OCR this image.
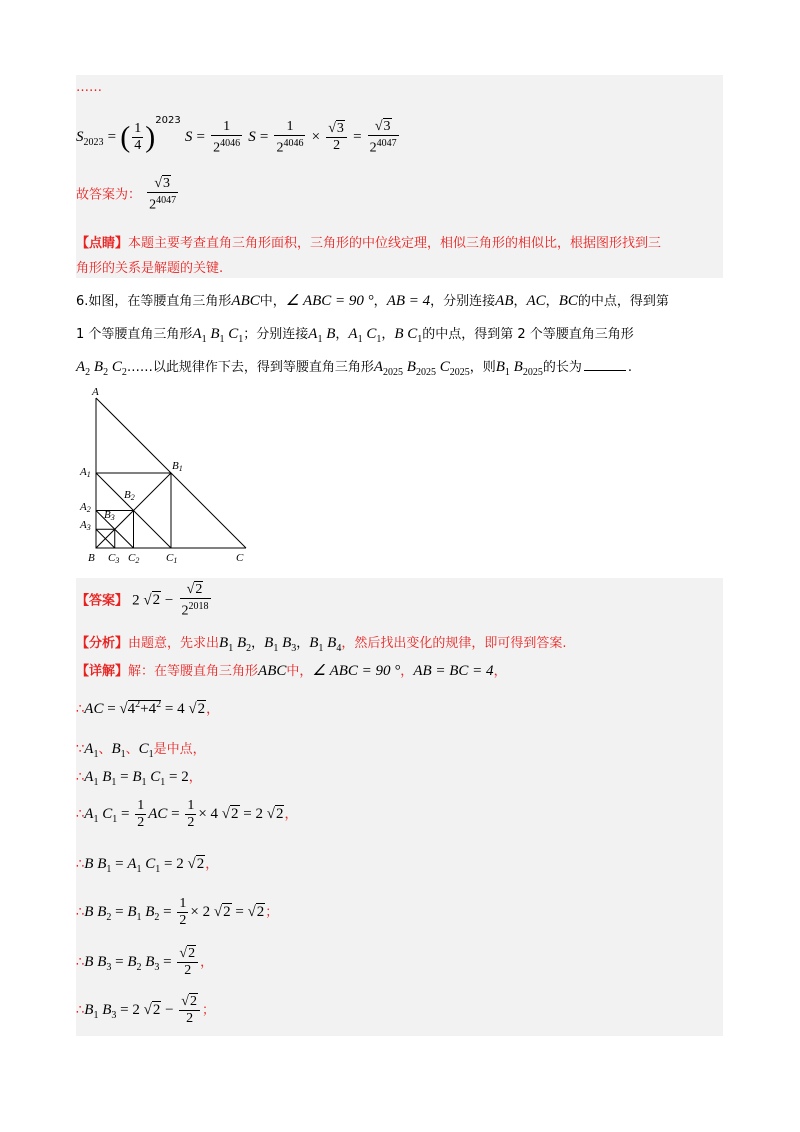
……
$S_{2023}$ = ( $\frac{1}{4} )^{2023}$ $S = \frac{1}{2^{4046}}$ $S = \frac{1}{2^{4046}} \times \frac{√3}{2} = \frac{√3}{2^{4047}}$
故答案为： $\frac{√3}{2^{4047}}$
【点睛】本题主要考查直角三角形面积，三角形的中位线定理，相似三角形的相似比，根据图形找到三
角形的关系是解题的关键.
6.如图，在等腰直角三角形ABC中，∠ ABC = 90 °，AB = 4，分别连接AB，AC，BC的中点，得到第
1 个等腰直角三角形$A_1$ $B_1$ $C_1$；分别连接$A_1$ B，$A_1$ $C_1$，B $C_1$的中点，得到第 2 个等腰直角三角形
$A_2$ $B_2$ $C_2\dots\dots$以此规律作下去，得到等腰直角三角形$A_{2025}$ $B_{2025}$ $C_{2025}$，则$B_1$ $B_{2025}$的长为	.
A
B1
A1
B2
A2 B3
A3
B C3 C2 C1	C
【答案】 2 $√2 - \frac{√2}{2^{2018}}$
【分析】由题意，先求出$B_1$ $B_2$，$B_1$ $B_3$，$B_1$ $B_4$，然后找出变化的规律，即可得到答案.
【详解】解：在等腰直角三角形ABC中，∠ ABC = 90 °，AB = BC = 4，
∴AC = $√4^2+4^2 = 4$ √2，
$\because A_1$、$B_1$、$C_1$是中点，
$\therefore A_1$ $B_1 = B_1$ $C_1 = 2$，
$\therefore A_1$ $C_1 = \frac{1}{2}$ AC = $\frac{1}{2} \times 4$ √2 = 2 √2，
∴B $B_1 = A_1$ $C_1 = 2$ √2，
∴B $B_2 = B_1$ $B_2 = \frac{1}{2} \times 2$ √2 = √2；
∴B $B_3 = B_2$ $B_3 = \frac{√2}{2}$ ，
$\therefore B_1$ $B_3 = 2$ $√2 - \frac{√2}{2}$ ；
